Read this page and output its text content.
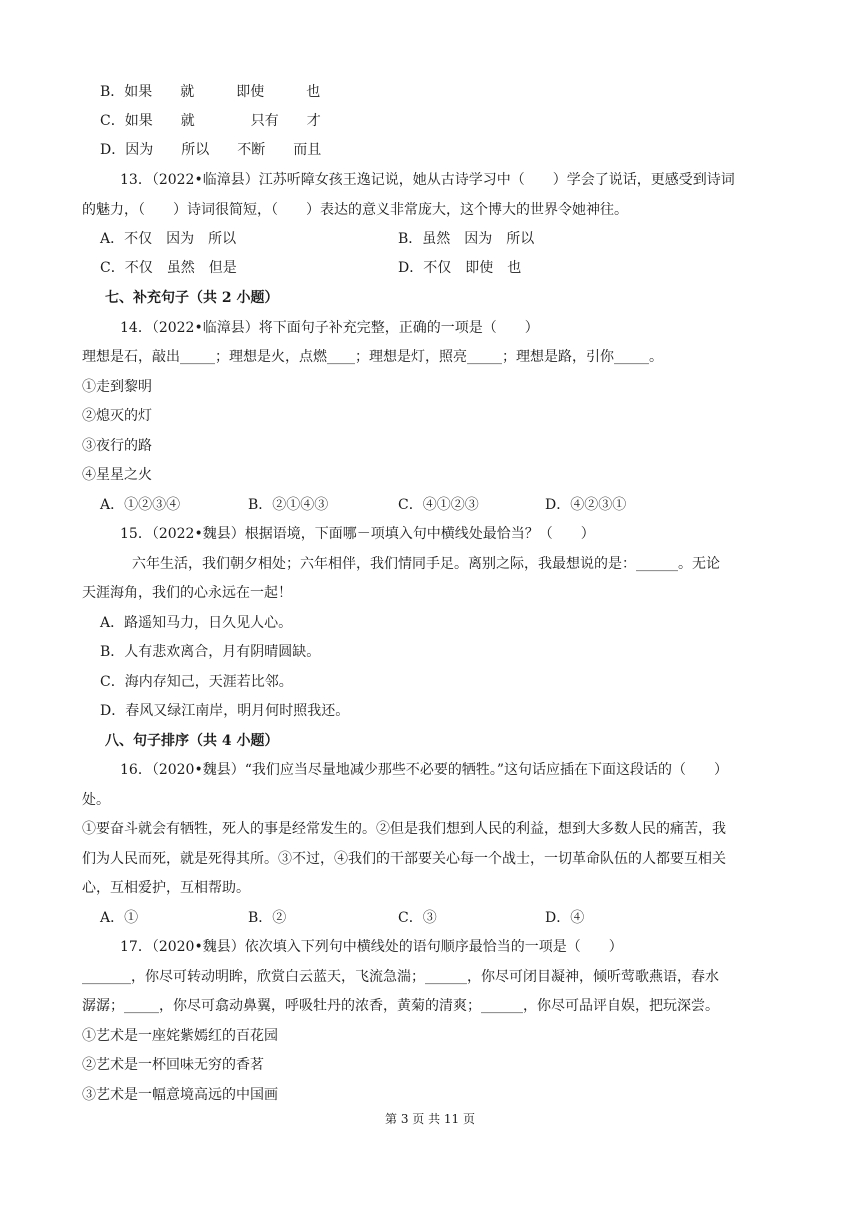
B．如果　　就　　　即使　　　也
C．如果　　就　　　　只有　　才
D．因为　　所以　　不断　　而且
13．（2022•临漳县）江苏听障女孩王逸记说，她从古诗学习中（　　）学会了说话，更感受到诗词
的魅力，（　　）诗词很简短，（　　）表达的意义非常庞大，这个博大的世界令她神往。
A．不仅　因为　所以	B．虽然　因为　所以
C．不仅　虽然　但是	D．不仅　即使　也
七、补充句子（共 2 小题）
14．（2022•临漳县）将下面句子补充完整，正确的一项是（　　）
理想是石，敲出_____；理想是火，点燃____；理想是灯，照亮_____；理想是路，引你_____。
①走到黎明
②熄灭的灯
③夜行的路
④星星之火
A．①②③④	B．②①④③	C．④①②③	D．④②③①
15．（2022•魏县）根据语境，下面哪－项填入句中横线处最恰当？（　　）
六年生活，我们朝夕相处；六年相伴，我们情同手足。离别之际，我最想说的是：______。无论
天涯海角，我们的心永远在一起！
A．路遥知马力，日久见人心。
B．人有悲欢离合，月有阴晴圆缺。
C．海内存知己，天涯若比邻。
D．春风又绿江南岸，明月何时照我还。
八、句子排序（共 4 小题）
16．（2020•魏县）“我们应当尽量地减少那些不必要的牺牲。”这句话应插在下面这段话的（　　）
处。
①要奋斗就会有牺牲，死人的事是经常发生的。②但是我们想到人民的利益，想到大多数人民的痛苦，我
们为人民而死，就是死得其所。③不过，④我们的干部要关心每一个战士，一切革命队伍的人都要互相关
心，互相爱护，互相帮助。
A．①	B．②	C．③	D．④
17．（2020•魏县）依次填入下列句中横线处的语句顺序最恰当的一项是（　　）
_______，你尽可转动明眸，欣赏白云蓝天，飞流急湍；______，你尽可闭目凝神，倾听莺歌燕语，春水
潺潺；_____，你尽可翕动鼻翼，呼吸牡丹的浓香，黄菊的清爽；______，你尽可品评自娱，把玩深尝。
①艺术是一座姹紫嫣红的百花园
②艺术是一杯回味无穷的香茗
③艺术是一幅意境高远的中国画
第 3 页 共 11 页
